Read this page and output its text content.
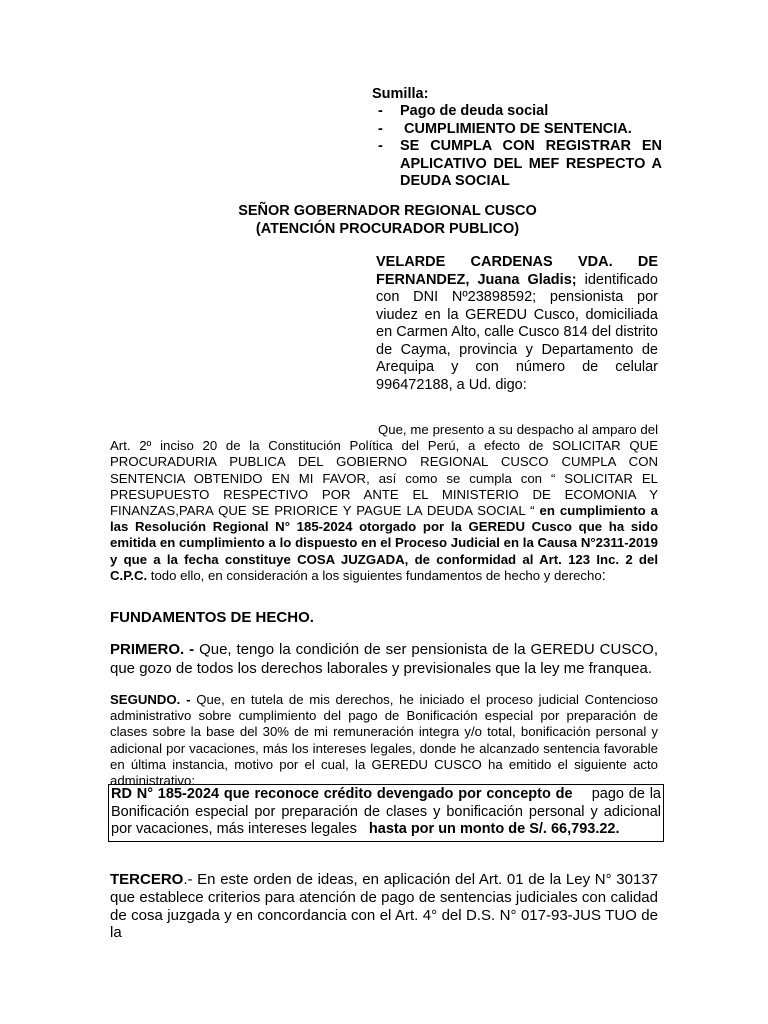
Sumilla:
- Pago de deuda social
- CUMPLIMIENTO DE SENTENCIA.
- SE CUMPLA CON REGISTRAR EN APLICATIVO DEL MEF RESPECTO A DEUDA SOCIAL
SEÑOR GOBERNADOR REGIONAL CUSCO
(ATENCIÓN PROCURADOR PUBLICO)
VELARDE CARDENAS VDA. DE FERNANDEZ, Juana Gladis; identificado con DNI Nº23898592; pensionista por viudez en la GEREDU Cusco, domiciliada en Carmen Alto, calle Cusco 814 del distrito de Cayma, provincia y Departamento de Arequipa y con número de celular 996472188, a Ud. digo:
Que, me presento a su despacho al amparo del Art. 2º inciso 20 de la Constitución Política del Perú, a efecto de SOLICITAR QUE PROCURADURIA PUBLICA DEL GOBIERNO REGIONAL CUSCO CUMPLA CON SENTENCIA OBTENIDO EN MI FAVOR, así como se cumpla con “ SOLICITAR EL PRESUPUESTO RESPECTIVO POR ANTE EL MINISTERIO DE ECOMONIA Y FINANZAS,PARA QUE SE PRIORICE Y PAGUE LA DEUDA SOCIAL “ en cumplimiento a las Resolución Regional N° 185-2024 otorgado por la GEREDU Cusco que ha sido emitida en cumplimiento a lo dispuesto en el Proceso Judicial en la Causa N°2311-2019 y que a la fecha constituye COSA JUZGADA, de conformidad al Art. 123 Inc. 2 del C.P.C. todo ello, en consideración a los siguientes fundamentos de hecho y derecho:
FUNDAMENTOS DE HECHO.
PRIMERO. - Que, tengo la condición de ser pensionista de la GEREDU CUSCO, que gozo de todos los derechos laborales y previsionales que la ley me franquea.
SEGUNDO. - Que, en tutela de mis derechos, he iniciado el proceso judicial Contencioso administrativo sobre cumplimiento del pago de Bonificación especial por preparación de clases sobre la base del 30% de mi remuneración integra y/o total, bonificación personal y adicional por vacaciones, más los intereses legales, donde he alcanzado sentencia favorable en última instancia, motivo por el cual, la GEREDU CUSCO ha emitido el siguiente acto administrativo:
RD N° 185-2024 que reconoce crédito devengado por concepto de    pago de la Bonificación especial por preparación de clases y bonificación personal y adicional por vacaciones, más intereses legales   hasta por un monto de S/. 66,793.22.
TERCERO.- En este orden de ideas, en aplicación del Art. 01 de la Ley N° 30137 que establece criterios para atención de pago de sentencias judiciales con calidad de cosa juzgada y en concordancia con el Art. 4° del D.S. N° 017-93-JUS TUO de la
